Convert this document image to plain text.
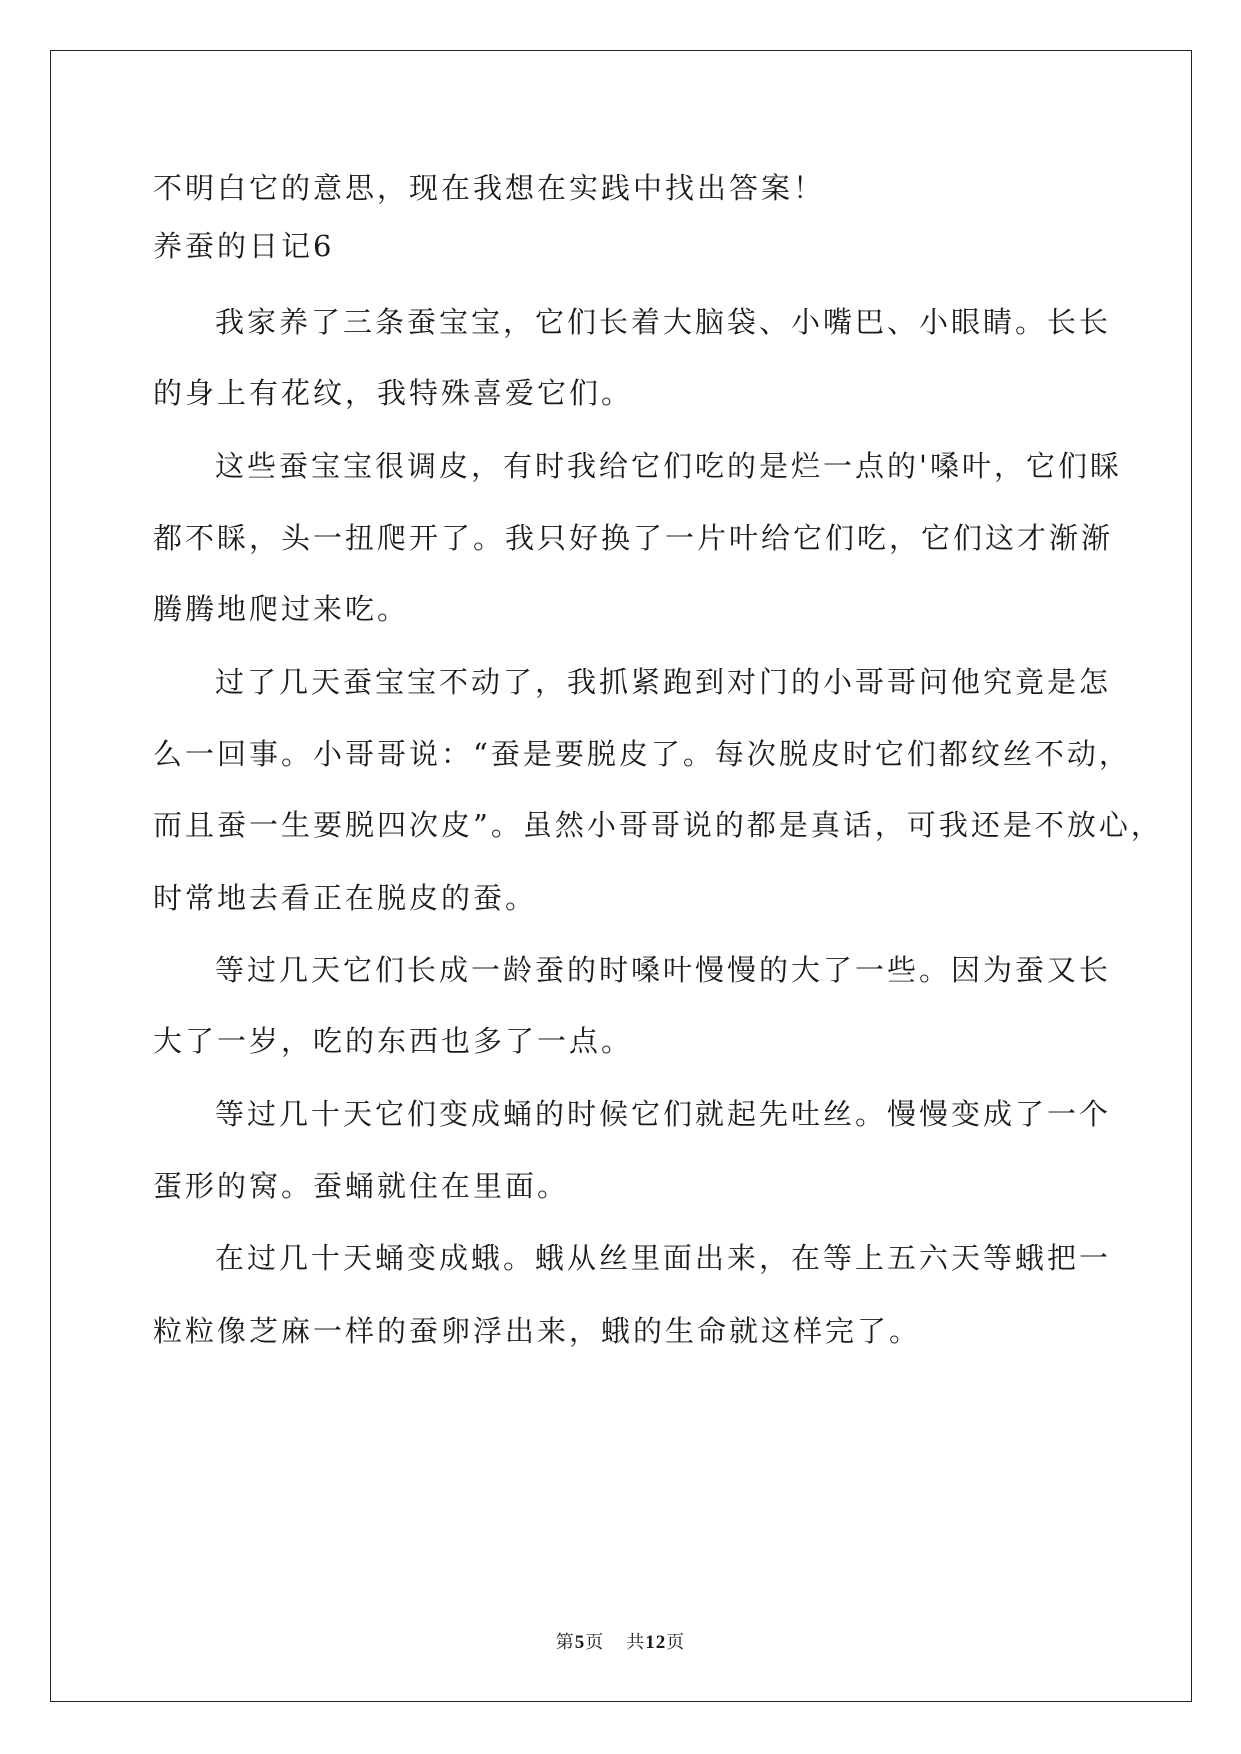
不明白它的意思，现在我想在实践中找出答案！
养蚕的日记6
我家养了三条蚕宝宝，它们长着大脑袋、小嘴巴、小眼睛。长长
的身上有花纹，我特殊喜爱它们。
这些蚕宝宝很调皮，有时我给它们吃的是烂一点的'嗓叶，它们睬
都不睬，头一扭爬开了。我只好换了一片叶给它们吃，它们这才渐渐
腾腾地爬过来吃。
过了几天蚕宝宝不动了，我抓紧跑到对门的小哥哥问他究竟是怎
么一回事。小哥哥说：“蚕是要脱皮了。每次脱皮时它们都纹丝不动，
而且蚕一生要脱四次皮”。虽然小哥哥说的都是真话，可我还是不放心，
时常地去看正在脱皮的蚕。
等过几天它们长成一龄蚕的时嗓叶慢慢的大了一些。因为蚕又长
大了一岁，吃的东西也多了一点。
等过几十天它们变成蛹的时候它们就起先吐丝。慢慢变成了一个
蛋形的窝。蚕蛹就住在里面。
在过几十天蛹变成蛾。蛾从丝里面出来，在等上五六天等蛾把一
粒粒像芝麻一样的蚕卵浮出来，蛾的生命就这样完了。
第5页 共12页
